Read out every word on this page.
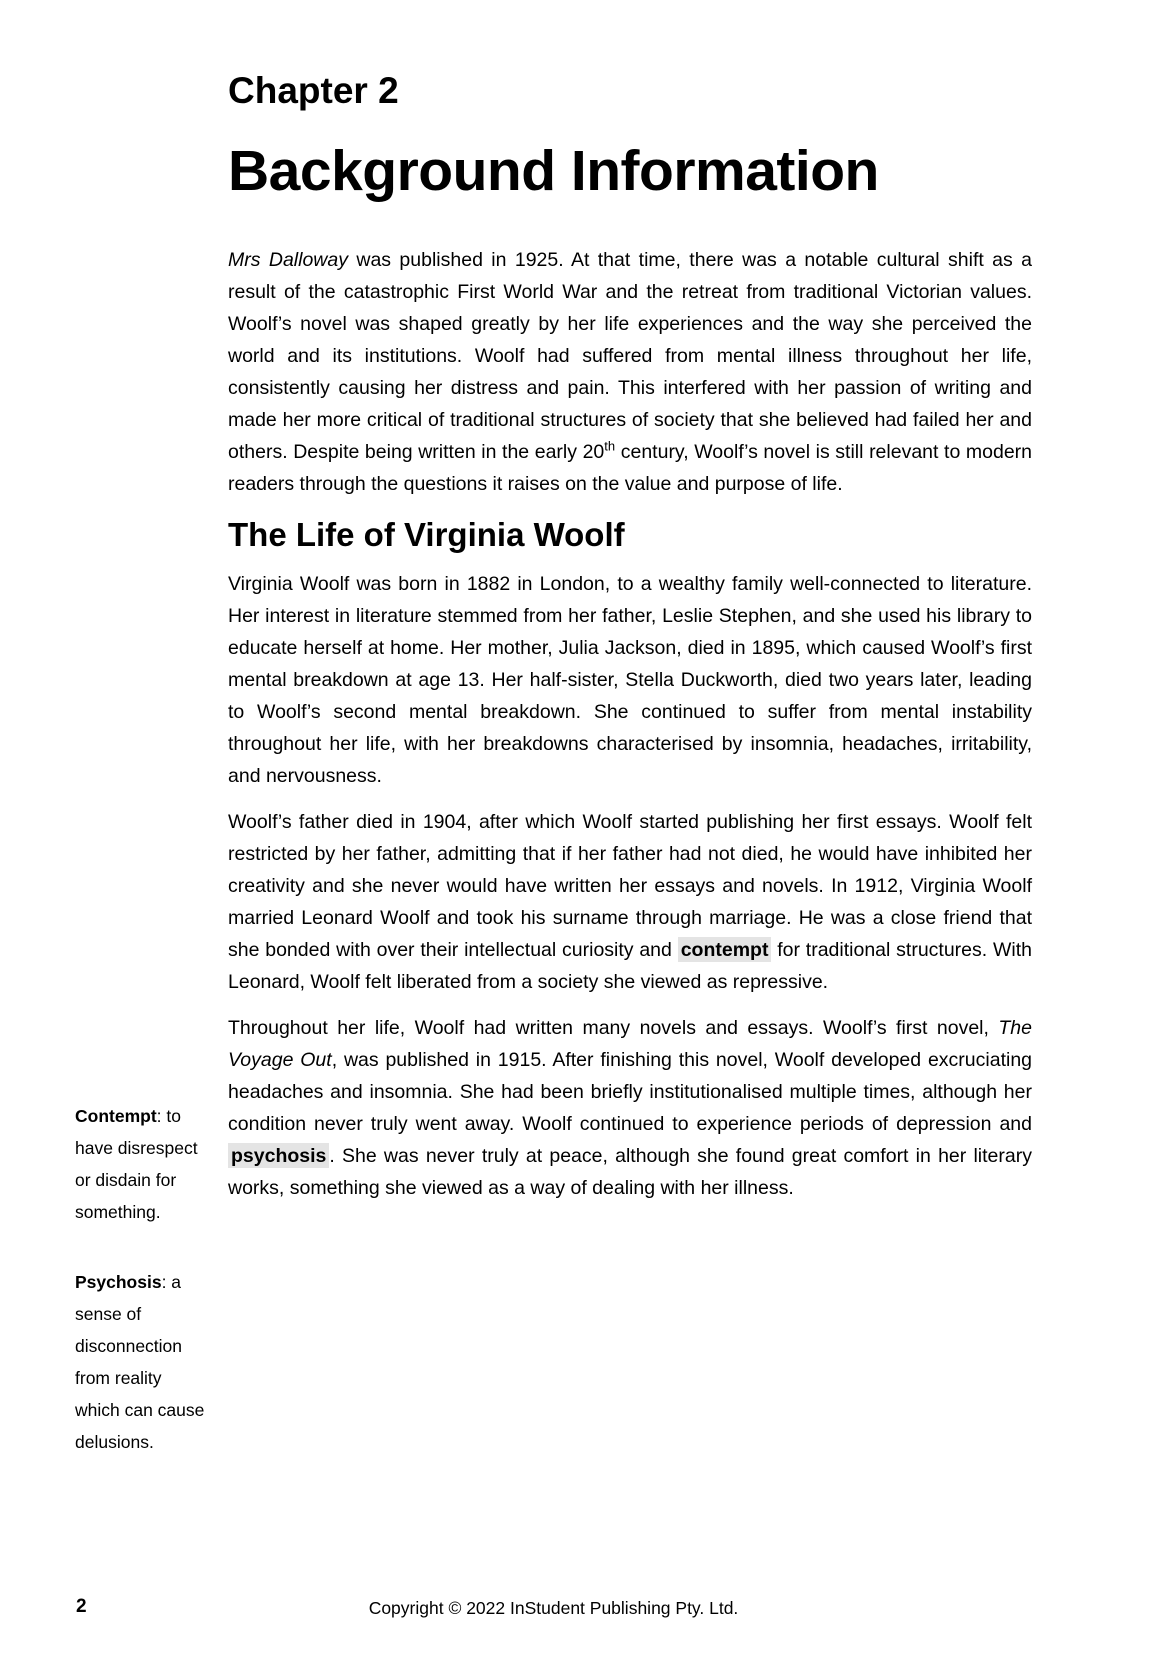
Contempt: to have disrespect or disdain for something.
Psychosis: a sense of disconnection from reality which can cause delusions.
Chapter 2
Background Information

Mrs Dalloway was published in 1925. At that time, there was a notable cultural shift as a result of the catastrophic First World War and the retreat from traditional Victorian values. Woolf’s novel was shaped greatly by her life experiences and the way she perceived the world and its institutions. Woolf had suffered from mental illness throughout her life, consistently causing her distress and pain. This interfered with her passion of writing and made her more critical of traditional structures of society that she believed had failed her and others. Despite being written in the early 20th century, Woolf’s novel is still relevant to modern readers through the questions it raises on the value and purpose of life.

The Life of Virginia Woolf

Virginia Woolf was born in 1882 in London, to a wealthy family well-connected to literature. Her interest in literature stemmed from her father, Leslie Stephen, and she used his library to educate herself at home. Her mother, Julia Jackson, died in 1895, which caused Woolf’s first mental breakdown at age 13. Her half-sister, Stella Duckworth, died two years later, leading to Woolf’s second mental breakdown. She continued to suffer from mental instability throughout her life, with her breakdowns characterised by insomnia, headaches, irritability, and nervousness.

Woolf’s father died in 1904, after which Woolf started publishing her first essays. Woolf felt restricted by her father, admitting that if her father had not died, he would have inhibited her creativity and she never would have written her essays and novels. In 1912, Virginia Woolf married Leonard Woolf and took his surname through marriage. He was a close friend that she bonded with over their intellectual curiosity and contempt for traditional structures. With Leonard, Woolf felt liberated from a society she viewed as repressive.

Throughout her life, Woolf had written many novels and essays. Woolf’s first novel, The Voyage Out, was published in 1915. After finishing this novel, Woolf developed excruciating headaches and insomnia. She had been briefly institutionalised multiple times, although her condition never truly went away. Woolf continued to experience periods of depression and psychosis . She was never truly at peace, although she found great comfort in her literary works, something she viewed as a way of dealing with her illness.

2	Copyright © 2022 InStudent Publishing Pty. Ltd.
